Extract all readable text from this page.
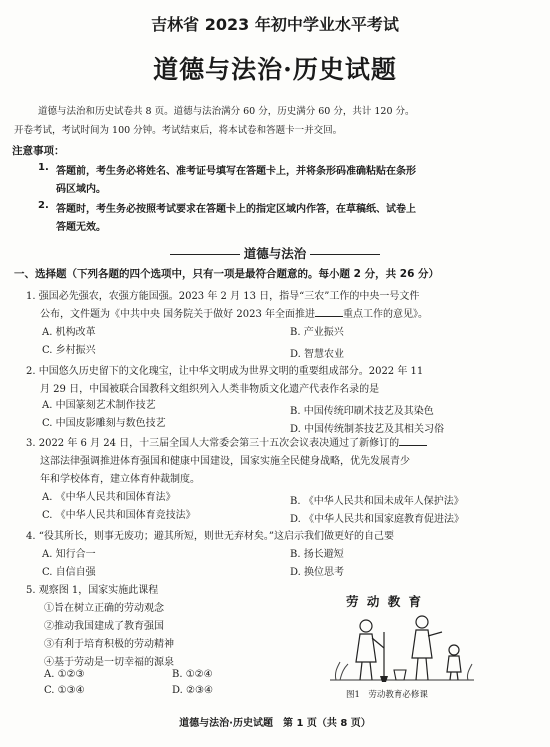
吉林省 2023 年初中学业水平考试
道德与法治·历史试题
道德与法治和历史试卷共 8 页。道德与法治满分 60 分，历史满分 60 分，共计 120 分。
开卷考试，考试时间为 100 分钟。考试结束后，将本试卷和答题卡一并交回。
注意事项：
1. 答题前，考生务必将姓名、准考证号填写在答题卡上，并将条形码准确粘贴在条形
码区域内。
2. 答题时，考生务必按照考试要求在答题卡上的指定区域内作答，在草稿纸、试卷上
答题无效。
道德与法治
一、选择题（下列各题的四个选项中，只有一项是最符合题意的。每小题 2 分，共 26 分）
1. 强国必先强农，农强方能国强。2023 年 2 月 13 日，指导“三农”工作的中央一号文件
公布，文件题为《中共中央 国务院关于做好 2023 年全面推进	重点工作的意见》。
A. 机构改革	B. 产业振兴
C. 乡村振兴	D. 智慧农业
2. 中国悠久历史留下的文化瑰宝，让中华文明成为世界文明的重要组成部分。2022 年 11
月 29 日，中国被联合国教科文组织列入人类非物质文化遗产代表作名录的是
A. 中国篆刻艺术制作技艺
B. 中国传统印刷术技艺及其染色
C. 中国皮影雕刻与数色技艺
D. 中国传统制茶技艺及其相关习俗
3. 2022 年 6 月 24 日，十三届全国人大常委会第三十五次会议表决通过了新修订的
这部法律强调推进体育强国和健康中国建设，国家实施全民健身战略，优先发展青少
年和学校体育，建立体育仲裁制度。
A. 《中华人民共和国体育法》	B. 《中华人民共和国未成年人保护法》
C. 《中华人民共和国体育竞技法》	D. 《中华人民共和国家庭教育促进法》
4. “役其所长，则事无废功；避其所短，则世无弃材矣。”这启示我们做更好的自己要
A. 知行合一	B. 扬长避短
C. 自信自强	D. 换位思考
5. 观察图 1，国家实施此课程
①旨在树立正确的劳动观念
②推动我国建成了教育强国
③有利于培育积极的劳动精神
④基于劳动是一切幸福的源泉
A. ①②③	B. ①②④
C. ①③④	D. ②③④
劳 动 教 育
图1　劳动教育必修课
道德与法治·历史试题　第 1 页（共 8 页）
